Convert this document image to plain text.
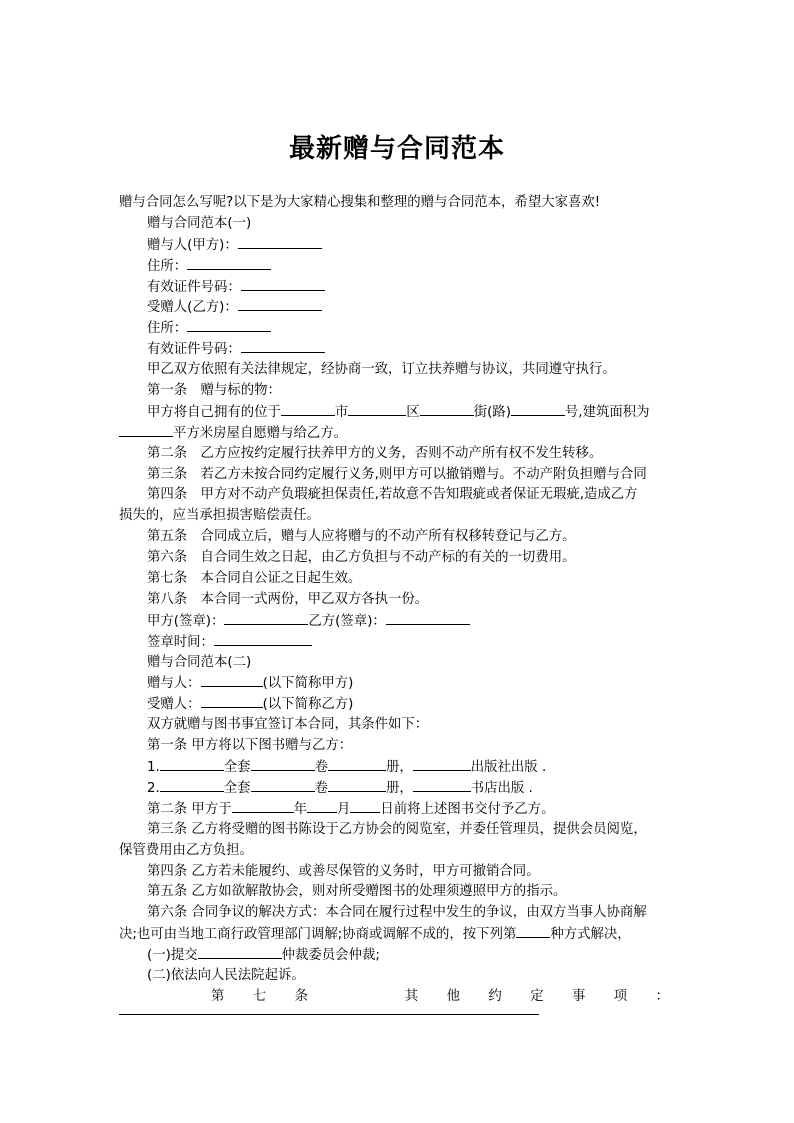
最新赠与合同范本
赠与合同怎么写呢?以下是为大家精心搜集和整理的赠与合同范本，希望大家喜欢!
赠与合同范本(一)
赠与人(甲方)：
住所：
有效证件号码：
受赠人(乙方)：
住所：
有效证件号码：
甲乙双方依照有关法律规定，经协商一致，订立扶养赠与协议，共同遵守执行。
第一条　赠与标的物：
甲方将自己拥有的位于	市	区	街(路)	号,建筑面积为
平方米房屋自愿赠与给乙方。
第二条　乙方应按约定履行扶养甲方的义务，否则不动产所有权不发生转移。
第三条　若乙方未按合同约定履行义务,则甲方可以撤销赠与。不动产附负担赠与合同
第四条　甲方对不动产负瑕疵担保责任,若故意不告知瑕疵或者保证无瑕疵,造成乙方
损失的，应当承担损害赔偿责任。
第五条　合同成立后，赠与人应将赠与的不动产所有权移转登记与乙方。
第六条　自合同生效之日起，由乙方负担与不动产标的有关的一切费用。
第七条　本合同自公证之日起生效。
第八条　本合同一式两份，甲乙双方各执一份。
甲方(签章)：	乙方(签章)：
签章时间：
赠与合同范本(二)
赠与人：	(以下简称甲方)
受赠人：	(以下简称乙方)
双方就赠与图书事宜签订本合同，其条件如下：
第一条 甲方将以下图书赠与乙方：
1.	全套	卷	册，	出版社出版 .
2.	全套	卷	册，	书店出版 .
第二条 甲方于	年 月 日前将上述图书交付予乙方。
第三条 乙方将受赠的图书陈设于乙方协会的阅览室，并委任管理员，提供会员阅览，
保管费用由乙方负担。
第四条 乙方若未能履约、或善尽保管的义务时，甲方可撤销合同。
第五条 乙方如欲解散协会，则对所受赠图书的处理须遵照甲方的指示。
第六条 合同争议的解决方式：本合同在履行过程中发生的争议，由双方当事人协商解
决;也可由当地工商行政管理部门调解;协商或调解不成的，按下列第	种方式解决，
(一)提交	仲裁委员会仲裁;
(二)依法向人民法院起诉。
第 七 条	其 他 约 定 事 项 ：
